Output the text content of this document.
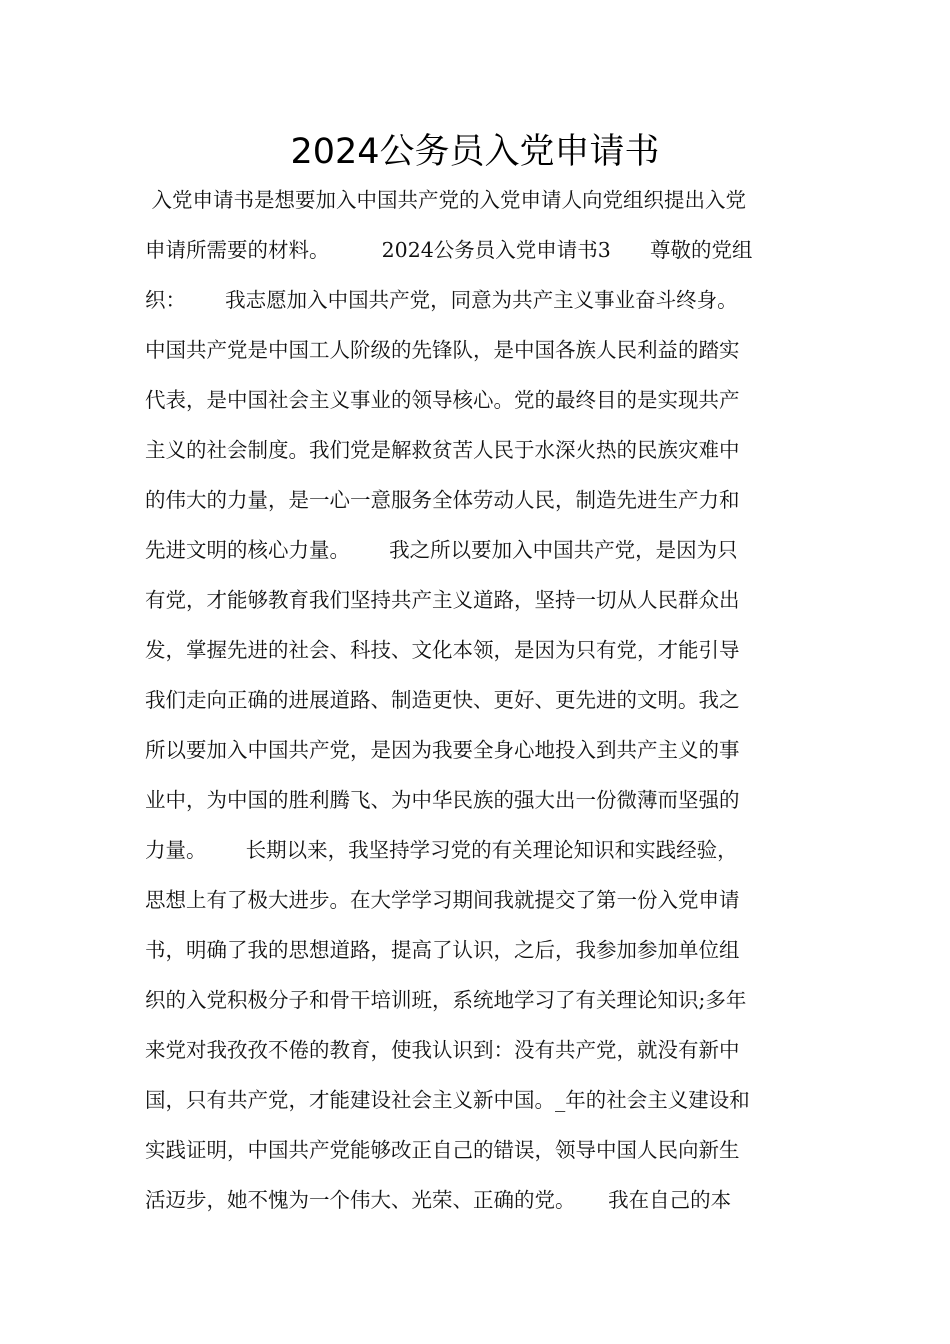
2024公务员入党申请书
入党申请书是想要加入中国共产党的入党申请人向党组织提出入党
申请所需要的材料。        2024公务员入党申请书3      尊敬的党组
织：      我志愿加入中国共产党，同意为共产主义事业奋斗终身。
中国共产党是中国工人阶级的先锋队，是中国各族人民利益的踏实
代表，是中国社会主义事业的领导核心。党的最终目的是实现共产
主义的社会制度。我们党是解救贫苦人民于水深火热的民族灾难中
的伟大的力量，是一心一意服务全体劳动人民，制造先进生产力和
先进文明的核心力量。      我之所以要加入中国共产党，是因为只
有党，才能够教育我们坚持共产主义道路，坚持一切从人民群众出
发，掌握先进的社会、科技、文化本领，是因为只有党，才能引导
我们走向正确的进展道路、制造更快、更好、更先进的文明。我之
所以要加入中国共产党，是因为我要全身心地投入到共产主义的事
业中，为中国的胜利腾飞、为中华民族的强大出一份微薄而坚强的
力量。      长期以来，我坚持学习党的有关理论知识和实践经验，
思想上有了极大进步。在大学学习期间我就提交了第一份入党申请
书，明确了我的思想道路，提高了认识，之后，我参加参加单位组
织的入党积极分子和骨干培训班，系统地学习了有关理论知识;多年
来党对我孜孜不倦的教育，使我认识到：没有共产党，就没有新中
国，只有共产党，才能建设社会主义新中国。_年的社会主义建设和
实践证明，中国共产党能够改正自己的错误，领导中国人民向新生
活迈步，她不愧为一个伟大、光荣、正确的党。     我在自己的本
